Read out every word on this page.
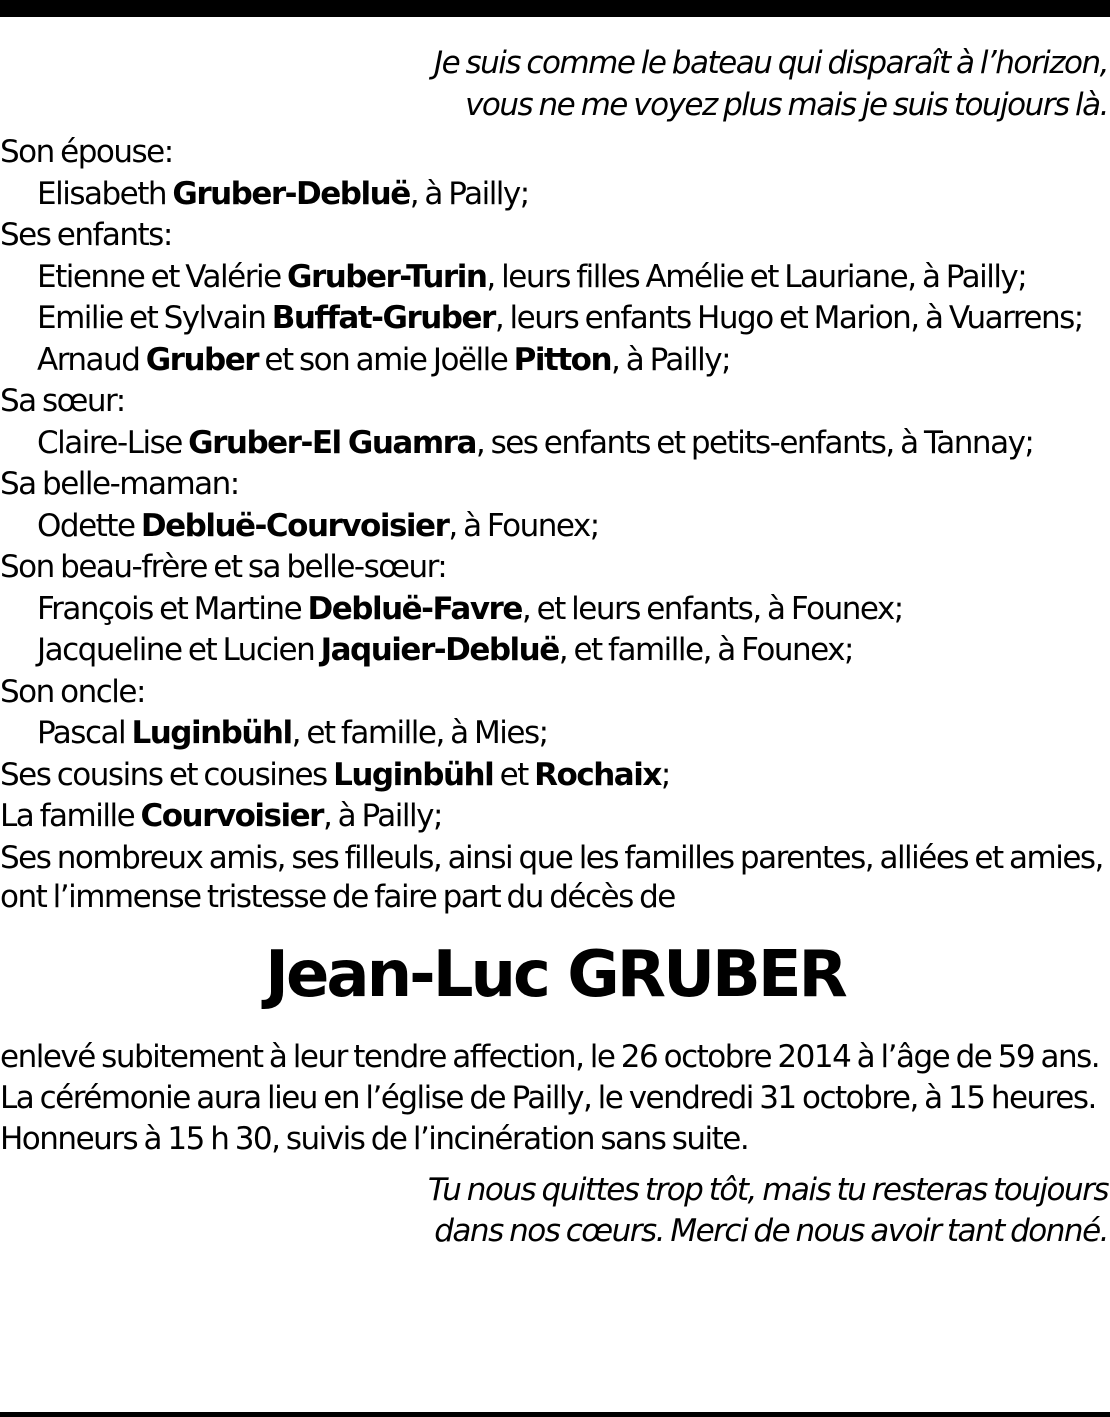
Je suis comme le bateau qui disparaît à l’horizon,
vous ne me voyez plus mais je suis toujours là.
Son épouse:
Elisabeth Gruber-Debluë, à Pailly;
Ses enfants:
Etienne et Valérie Gruber-Turin, leurs filles Amélie et Lauriane, à Pailly;
Emilie et Sylvain Buffat-Gruber, leurs enfants Hugo et Marion, à Vuarrens;
Arnaud Gruber et son amie Joëlle Pitton, à Pailly;
Sa sœur:
Claire-Lise Gruber-El Guamra, ses enfants et petits-enfants, à Tannay;
Sa belle-maman:
Odette Debluë-Courvoisier, à Founex;
Son beau-frère et sa belle-sœur:
François et Martine Debluë-Favre, et leurs enfants, à Founex;
Jacqueline et Lucien Jaquier-Debluë, et famille, à Founex;
Son oncle:
Pascal Luginbühl, et famille, à Mies;
Ses cousins et cousines Luginbühl et Rochaix;
La famille Courvoisier, à Pailly;
Ses nombreux amis, ses filleuls, ainsi que les familles parentes, alliées et amies,
ont l’immense tristesse de faire part du décès de
Jean-Luc GRUBER
enlevé subitement à leur tendre affection, le 26 octobre 2014 à l’âge de 59 ans.
La cérémonie aura lieu en l’église de Pailly, le vendredi 31 octobre, à 15 heures.
Honneurs à 15 h 30, suivis de l’incinération sans suite.
Tu nous quittes trop tôt, mais tu resteras toujours
dans nos cœurs. Merci de nous avoir tant donné.
